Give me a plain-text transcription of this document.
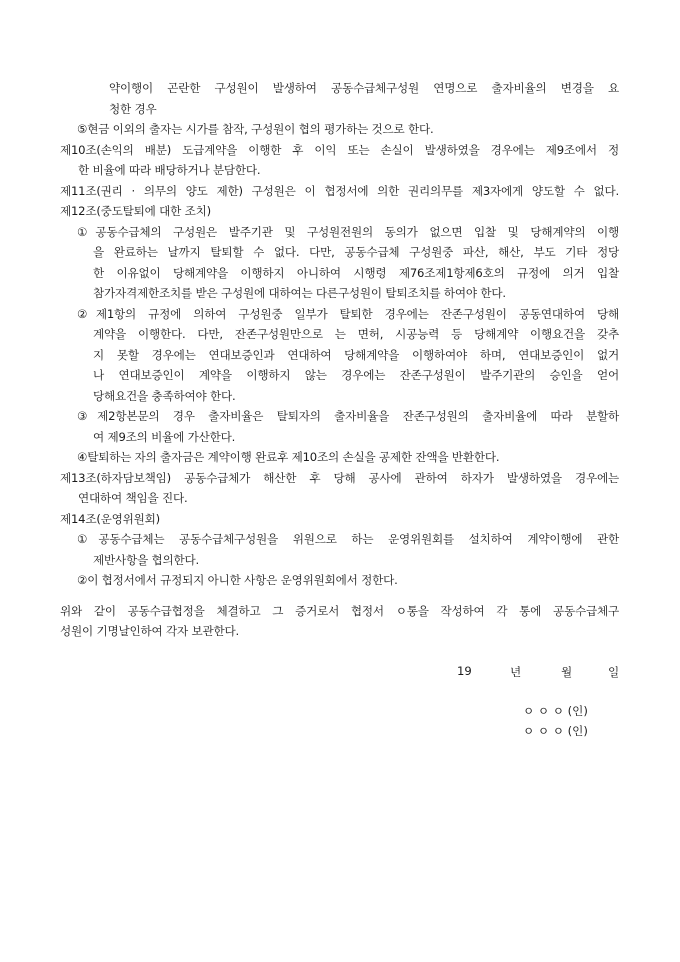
약이행이 곤란한 구성원이 발생하여 공동수급체구성원 연명으로 출자비율의 변경을 요
청한 경우
⑤현금 이외의 출자는 시가를 참작, 구성원이 협의 평가하는 것으로 한다.
제10조(손익의 배분) 도급계약을 이행한 후 이익 또는 손실이 발생하였을 경우에는 제9조에서 정
한 비율에 따라 배당하거나 분담한다.
제11조(권리 · 의무의 양도 제한) 구성원은 이 협정서에 의한 권리의무를 제3자에게 양도할 수 없다.
제12조(중도탈퇴에 대한 조치)
①공동수급체의 구성원은 발주기관 및 구성원전원의 동의가 없으면 입찰 및 당해계약의 이행
을 완료하는 날까지 탈퇴할 수 없다. 다만, 공동수급체 구성원중 파산, 해산, 부도 기타 정당
한 이유없이 당해계약을 이행하지 아니하여 시행령 제76조제1항제6호의 규정에 의거 입찰
참가자격제한조치를 받은 구성원에 대하여는 다른구성원이 탈퇴조치를 하여야 한다.
②제1항의 규정에 의하여 구성원중 일부가 탈퇴한 경우에는 잔존구성원이 공동연대하여 당해
계약을 이행한다. 다만, 잔존구성원만으로 는 면허, 시공능력 등 당해계약 이행요건을 갖추
지 못할 경우에는 연대보증인과 연대하여 당해계약을 이행하여야 하며, 연대보증인이 없거
나 연대보증인이 계약을 이행하지 않는 경우에는 잔존구성원이 발주기관의 승인을 얻어
당해요건을 충족하여야 한다.
③제2항본문의 경우 출자비율은 탈퇴자의 출자비율을 잔존구성원의 출자비율에 따라 분할하
여 제9조의 비율에 가산한다.
④탈퇴하는 자의 출자금은 계약이행 완료후 제10조의 손실을 공제한 잔액을 반환한다.
제13조(하자담보책임) 공동수급체가 해산한 후 당해 공사에 관하여 하자가 발생하였을 경우에는
연대하여 책임을 진다.
제14조(운영위원회)
①공동수급체는 공동수급체구성원을 위원으로 하는 운영위원회를 설치하여 계약이행에 관한
제반사항을 협의한다.
②이 협정서에서 규정되지 아니한 사항은 운영위원회에서 정한다.
위와 같이 공동수급협정을 체결하고 그 증거로서 협정서 ㅇ통을 작성하여 각 통에 공동수급체구
성원이 기명날인하여 각자 보관한다.
19	년	월	일
ㅇ ㅇ ㅇ (인)
ㅇ ㅇ ㅇ (인)
